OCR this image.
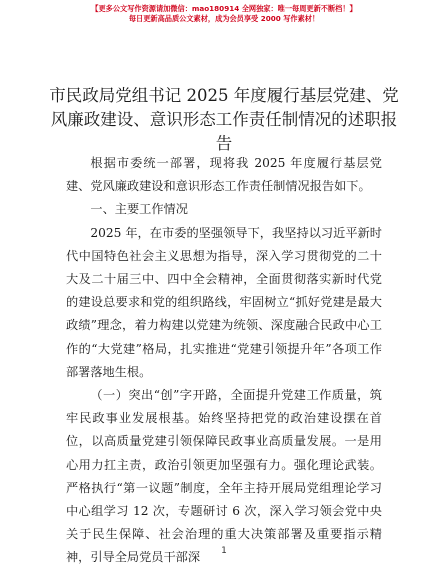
【更多公文写作资源请加微信：mao180914 全网独家：唯一每周更新不断档！】
每日更新高品质公文素材，成为会员享受 2000 写作素材！
市民政局党组书记 2025 年度履行基层党建、党风廉政建设、意识形态工作责任制情况的述职报告

根据市委统一部署，现将我 2025 年度履行基层党建、党风廉政建设和意识形态工作责任制情况报告如下。

一、主要工作情况

2025 年，在市委的坚强领导下，我坚持以习近平新时代中国特色社会主义思想为指导，深入学习贯彻党的二十大及二十届三中、四中全会精神，全面贯彻落实新时代党的建设总要求和党的组织路线，牢固树立“抓好党建是最大政绩”理念，着力构建以党建为统领、深度融合民政中心工作的“大党建”格局，扎实推进“党建引领提升年”各项工作部署落地生根。

（一）突出“创”字开路，全面提升党建工作质量，筑牢民政事业发展根基。始终坚持把党的政治建设摆在首位，以高质量党建引领保障民政事业高质量发展。一是用心用力扛主责，政治引领更加坚强有力。强化理论武装。严格执行“第一议题”制度，全年主持开展局党组理论学习中心组学习 12 次，专题研讨 6 次，深入学习领会党中央关于民生保障、社会治理的重大决策部署及重要指示精神，引导全局党员干部深	1
